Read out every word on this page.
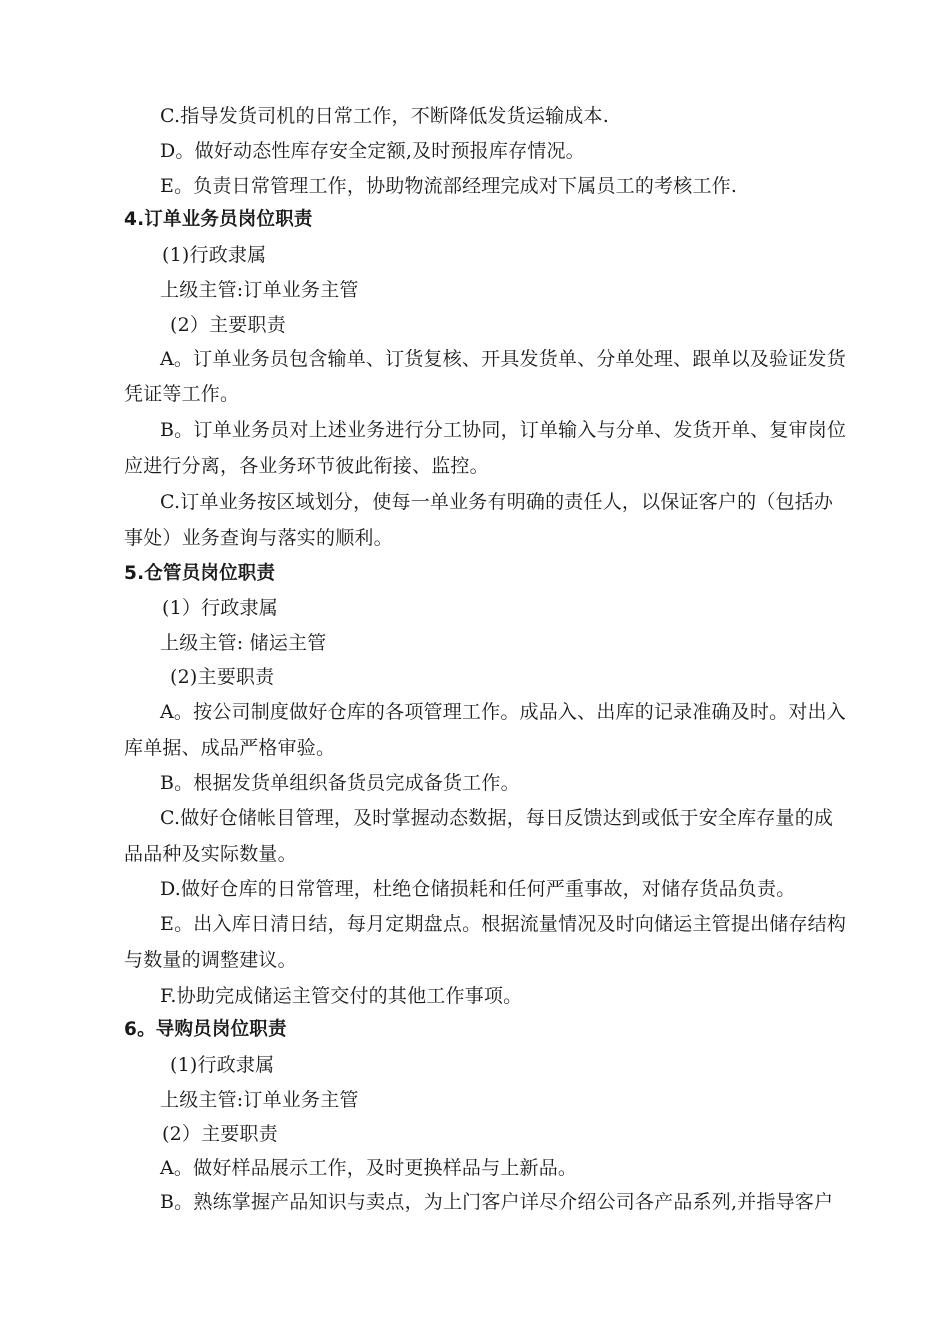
C.指导发货司机的日常工作，不断降低发货运输成本.
D。做好动态性库存安全定额,及时预报库存情况。
E。负责日常管理工作，协助物流部经理完成对下属员工的考核工作.
4.订单业务员岗位职责
(1)行政隶属
上级主管:订单业务主管
(2）主要职责
A。订单业务员包含输单、订货复核、开具发货单、分单处理、跟单以及验证发货
凭证等工作。
B。订单业务员对上述业务进行分工协同，订单输入与分单、发货开单、复审岗位
应进行分离，各业务环节彼此衔接、监控。
C.订单业务按区域划分，使每一单业务有明确的责任人，以保证客户的（包括办
事处）业务查询与落实的顺利。
5.仓管员岗位职责
(1）行政隶属
上级主管: 储运主管
(2)主要职责
A。按公司制度做好仓库的各项管理工作。成品入、出库的记录准确及时。对出入
库单据、成品严格审验。
B。根据发货单组织备货员完成备货工作。
C.做好仓储帐目管理，及时掌握动态数据，每日反馈达到或低于安全库存量的成
品品种及实际数量。
D.做好仓库的日常管理，杜绝仓储损耗和任何严重事故，对储存货品负责。
E。出入库日清日结，每月定期盘点。根据流量情况及时向储运主管提出储存结构
与数量的调整建议。
F.协助完成储运主管交付的其他工作事项。
6。导购员岗位职责
(1)行政隶属
上级主管:订单业务主管
(2）主要职责
A。做好样品展示工作，及时更换样品与上新品。
B。熟练掌握产品知识与卖点，为上门客户详尽介绍公司各产品系列,并指导客户
